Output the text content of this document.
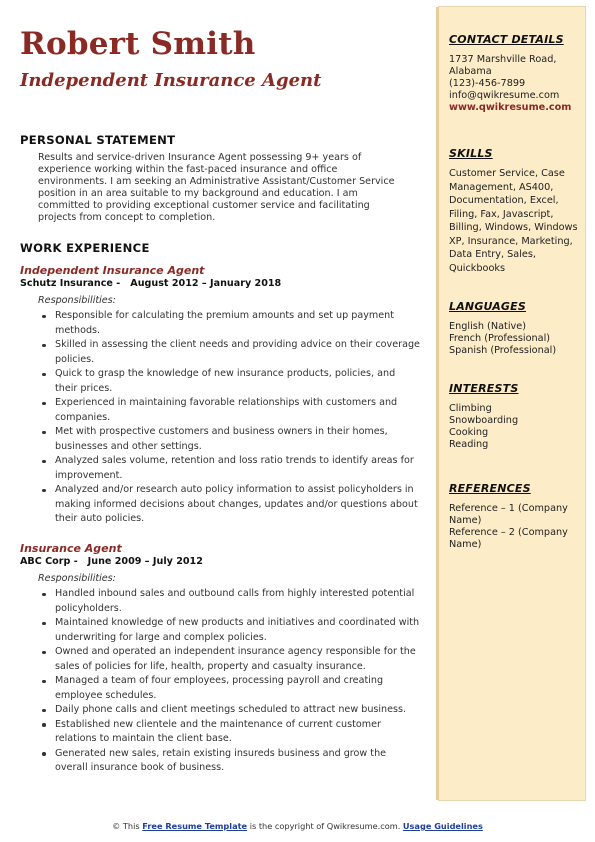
Robert Smith
Independent Insurance Agent
PERSONAL STATEMENT
Results and service-driven Insurance Agent possessing 9+ years of experience working within the fast-paced insurance and office environments. I am seeking an Administrative Assistant/Customer Service position in an area suitable to my background and education. I am committed to providing exceptional customer service and facilitating projects from concept to completion.
WORK EXPERIENCE
Independent Insurance Agent
Schutz Insurance - August 2012 – January 2018
Responsibilities:
Responsible for calculating the premium amounts and set up payment methods.
Skilled in assessing the client needs and providing advice on their coverage policies.
Quick to grasp the knowledge of new insurance products, policies, and their prices.
Experienced in maintaining favorable relationships with customers and companies.
Met with prospective customers and business owners in their homes, businesses and other settings.
Analyzed sales volume, retention and loss ratio trends to identify areas for improvement.
Analyzed and/or research auto policy information to assist policyholders in making informed decisions about changes, updates and/or questions about their auto policies.
Insurance Agent
ABC Corp - June 2009 – July 2012
Responsibilities:
Handled inbound sales and outbound calls from highly interested potential policyholders.
Maintained knowledge of new products and initiatives and coordinated with underwriting for large and complex policies.
Owned and operated an independent insurance agency responsible for the sales of policies for life, health, property and casualty insurance.
Managed a team of four employees, processing payroll and creating employee schedules.
Daily phone calls and client meetings scheduled to attract new business.
Established new clientele and the maintenance of current customer relations to maintain the client base.
Generated new sales, retain existing insureds business and grow the overall insurance book of business.
CONTACT DETAILS
1737 Marshville Road,
Alabama
(123)-456-7899
info@qwikresume.com
www.qwikresume.com
SKILLS
Customer Service, Case Management, AS400, Documentation, Excel, Filing, Fax, Javascript, Billing, Windows, Windows XP, Insurance, Marketing, Data Entry, Sales, Quickbooks
LANGUAGES
English (Native)
French (Professional)
Spanish (Professional)
INTERESTS
Climbing
Snowboarding
Cooking
Reading
REFERENCES
Reference – 1 (Company Name)
Reference – 2 (Company Name)
© This Free Resume Template is the copyright of Qwikresume.com. Usage Guidelines
